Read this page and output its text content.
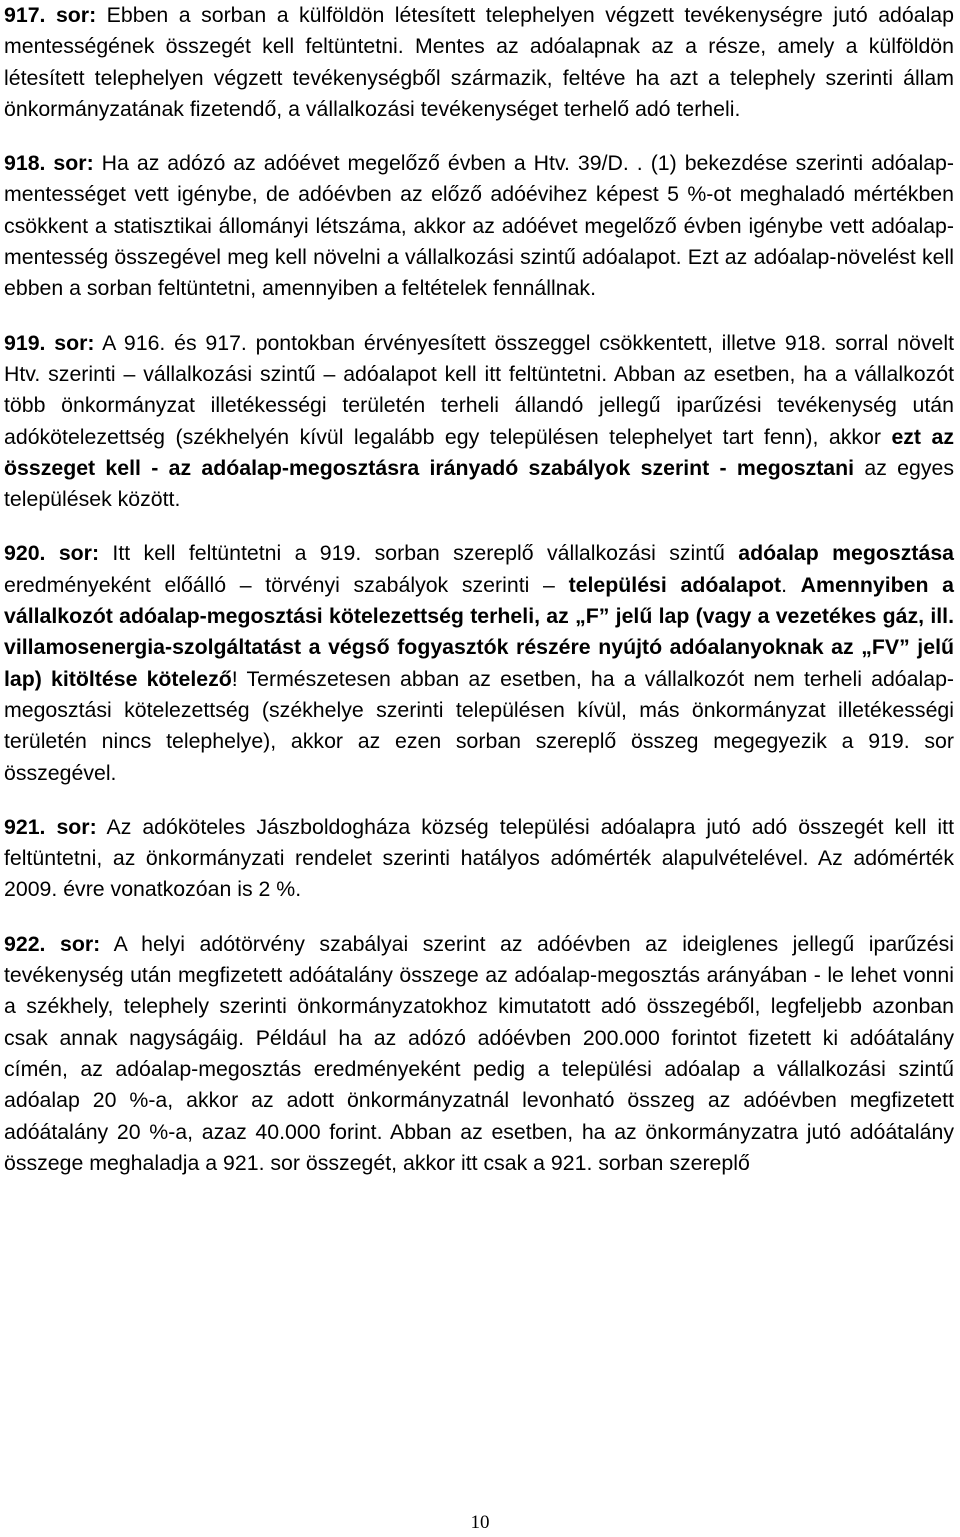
917. sor: Ebben a sorban a külföldön létesített telephelyen végzett tevékenységre jutó adóalap mentességének összegét kell feltüntetni. Mentes az adóalapnak az a része, amely a külföldön létesített telephelyen végzett tevékenységből származik, feltéve ha azt a telephely szerinti állam önkormányzatának fizetendő, a vállalkozási tevékenységet terhelő adó terheli.

918. sor: Ha az adózó az adóévet megelőző évben a Htv. 39/D. . (1) bekezdése szerinti adóalap-mentességet vett igénybe, de adóévben az előző adóévihez képest 5 %-ot meghaladó mértékben csökkent a statisztikai állományi létszáma, akkor az adóévet megelőző évben igénybe vett adóalap-mentesség összegével meg kell növelni a vállalkozási szintű adóalapot. Ezt az adóalap-növelést kell ebben a sorban feltüntetni, amennyiben a feltételek fennállnak.

919. sor: A 916. és 917. pontokban érvényesített összeggel csökkentett, illetve 918. sorral növelt Htv. szerinti – vállalkozási szintű – adóalapot kell itt feltüntetni. Abban az esetben, ha a vállalkozót több önkormányzat illetékességi területén terheli állandó jellegű iparűzési tevékenység után adókötelezettség (székhelyén kívül legalább egy településen telephelyet tart fenn), akkor ezt az összeget kell - az adóalap-megosztásra irányadó szabályok szerint - megosztani az egyes települések között.

920. sor: Itt kell feltüntetni a 919. sorban szereplő vállalkozási szintű adóalap megosztása eredményeként előálló – törvényi szabályok szerinti – települési adóalapot. Amennyiben a vállalkozót adóalap-megosztási kötelezettség terheli, az „F” jelű lap (vagy a vezetékes gáz, ill. villamosenergia-szolgáltatást a végső fogyasztók részére nyújtó adóalanyoknak az „FV” jelű lap) kitöltése kötelező! Természetesen abban az esetben, ha a vállalkozót nem terheli adóalap-megosztási kötelezettség (székhelye szerinti településen kívül, más önkormányzat illetékességi területén nincs telephelye), akkor az ezen sorban szereplő összeg megegyezik a 919. sor összegével.

921. sor: Az adóköteles Jászboldogháza község települési adóalapra jutó adó összegét kell itt feltüntetni, az önkormányzati rendelet szerinti hatályos adómérték alapulvételével. Az adómérték 2009. évre vonatkozóan is 2 %.

922. sor: A helyi adótörvény szabályai szerint az adóévben az ideiglenes jellegű iparűzési tevékenység után megfizetett adóátalány összege az adóalap-megosztás arányában - le lehet vonni a székhely, telephely szerinti önkormányzatokhoz kimutatott adó összegéből, legfeljebb azonban csak annak nagyságáig. Például ha az adózó adóévben 200.000 forintot fizetett ki adóátalány címén, az adóalap-megosztás eredményeként pedig a települési adóalap a vállalkozási szintű adóalap 20 %-a, akkor az adott önkormányzatnál levonható összeg az adóévben megfizetett adóátalány 20 %-a, azaz 40.000 forint. Abban az esetben, ha az önkormányzatra jutó adóátalány összege meghaladja a 921. sor összegét, akkor itt csak a 921. sorban szereplő

10
